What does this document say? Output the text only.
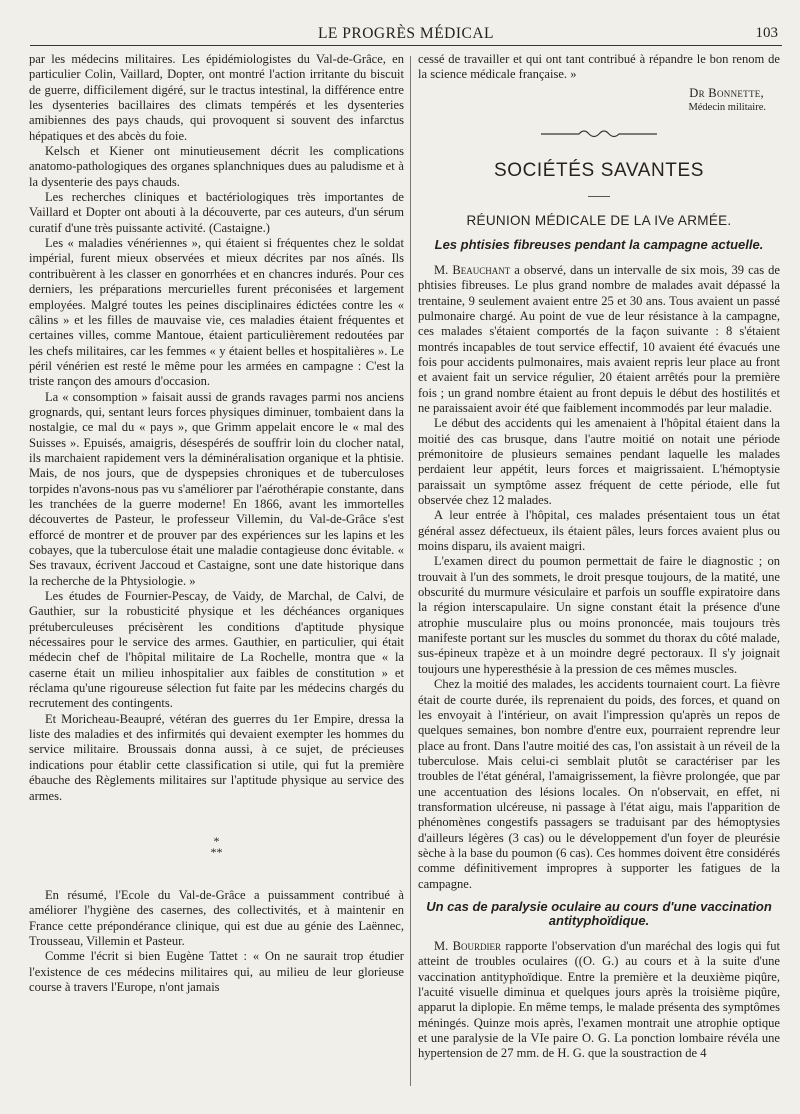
LE PROGRÈS MÉDICAL	103

par les médecins militaires. Les épidémiologistes du Val-de-Grâce, en particulier Colin, Vaillard, Dopter, ont montré l'action irritante du biscuit de guerre, difficilement digéré, sur le tractus intestinal, la différence entre les dysenteries bacillaires des climats tempérés et les dysenteries amibiennes des pays chauds, qui provoquent si souvent des infarctus hépatiques et des abcès du foie.

Kelsch et Kiener ont minutieusement décrit les complications anatomo-pathologiques des organes splanchniques dues au paludisme et à la dysenterie des pays chauds.

Les recherches cliniques et bactériologiques très importantes de Vaillard et Dopter ont abouti à la découverte, par ces auteurs, d'un sérum curatif d'une très puissante activité. (Castaigne.)

Les « maladies vénériennes », qui étaient si fréquentes chez le soldat impérial, furent mieux observées et mieux décrites par nos aînés. Ils contribuèrent à les classer en gonorrhées et en chancres indurés. Pour ces derniers, les préparations mercurielles furent préconisées et largement employées. Malgré toutes les peines disciplinaires édictées contre les « câlins » et les filles de mauvaise vie, ces maladies étaient fréquentes et certaines villes, comme Mantoue, étaient particulièrement redoutées par les chefs militaires, car les femmes « y étaient belles et hospitalières ». Le péril vénérien est resté le même pour les armées en campagne : C'est la triste rançon des amours d'occasion.

La « consomption » faisait aussi de grands ravages parmi nos anciens grognards, qui, sentant leurs forces physiques diminuer, tombaient dans la nostalgie, ce mal du « pays », que Grimm appelait encore le « mal des Suisses ». Epuisés, amaigris, désespérés de souffrir loin du clocher natal, ils marchaient rapidement vers la déminéralisation organique et la phtisie. Mais, de nos jours, que de dyspepsies chroniques et de tuberculoses torpides n'avons-nous pas vu s'améliorer par l'aérothérapie constante, dans les tranchées de la guerre moderne! En 1866, avant les immortelles découvertes de Pasteur, le professeur Villemin, du Val-de-Grâce s'est efforcé de montrer et de prouver par des expériences sur les lapins et les cobayes, que la tuberculose était une maladie contagieuse donc évitable. « Ses travaux, écrivent Jaccoud et Castaigne, sont une date historique dans la recherche de la Phtysiologie. »

Les études de Fournier-Pescay, de Vaidy, de Marchal, de Calvi, de Gauthier, sur la robusticité physique et les déchéances organiques prétuberculeuses précisèrent les conditions d'aptitude physique nécessaires pour le service des armes. Gauthier, en particulier, qui était médecin chef de l'hôpital militaire de La Rochelle, montra que « la caserne était un milieu inhospitalier aux faibles de constitution » et réclama qu'une rigoureuse sélection fut faite par les médecins chargés du recrutement des contingents.

Et Moricheau-Beaupré, vétéran des guerres du 1er Empire, dressa la liste des maladies et des infirmités qui devaient exempter les hommes du service militaire. Broussais donna aussi, à ce sujet, de précieuses indications pour établir cette classification si utile, qui fut la première ébauche des Règlements militaires sur l'aptitude physique au service des armes.

*
**

En résumé, l'Ecole du Val-de-Grâce a puissamment contribué à améliorer l'hygiène des casernes, des collectivités, et à maintenir en France cette prépondérance clinique, qui est due au génie des Laënnec, Trousseau, Villemin et Pasteur.

Comme l'écrit si bien Eugène Tattet : « On ne saurait trop étudier l'existence de ces médecins militaires qui, au milieu de leur glorieuse course à travers l'Europe, n'ont jamais

cessé de travailler et qui ont tant contribué à répandre le bon renom de la science médicale française. »

Dr Bonnette,
Médecin militaire.
SOCIÉTÉS SAVANTES
RÉUNION MÉDICALE DE LA IVe ARMÉE.
Les phtisies fibreuses pendant la campagne actuelle.

M. Beauchant a observé, dans un intervalle de six mois, 39 cas de phtisies fibreuses. Le plus grand nombre de malades avait dépassé la trentaine, 9 seulement avaient entre 25 et 30 ans. Tous avaient un passé pulmonaire chargé. Au point de vue de leur résistance à la campagne, ces malades s'étaient comportés de la façon suivante : 8 s'étaient montrés incapables de tout service effectif, 10 avaient été évacués une fois pour accidents pulmonaires, mais avaient repris leur place au front et avaient fait un service régulier, 20 étaient arrêtés pour la première fois ; un grand nombre étaient au front depuis le début des hostilités et ne paraissaient avoir été que faiblement incommodés par leur maladie.

Le début des accidents qui les amenaient à l'hôpital étaient dans la moitié des cas brusque, dans l'autre moitié on notait une période prémonitoire de plusieurs semaines pendant laquelle les malades perdaient leur appétit, leurs forces et maigrissaient. L'hémoptysie paraissait un symptôme assez fréquent de cette période, elle fut observée chez 12 malades.

A leur entrée à l'hôpital, ces malades présentaient tous un état général assez défectueux, ils étaient pâles, leurs forces avaient plus ou moins disparu, ils avaient maigri.

L'examen direct du poumon permettait de faire le diagnostic ; on trouvait à l'un des sommets, le droit presque toujours, de la matité, une obscurité du murmure vésiculaire et parfois un souffle expiratoire dans la région interscapulaire. Un signe constant était la présence d'une atrophie musculaire plus ou moins prononcée, mais toujours très manifeste portant sur les muscles du sommet du thorax du côté malade, sus-épineux trapèze et à un moindre degré pectoraux. Il s'y joignait toujours une hyperesthésie à la pression de ces mêmes muscles.

Chez la moitié des malades, les accidents tournaient court. La fièvre était de courte durée, ils reprenaient du poids, des forces, et quand on les envoyait à l'intérieur, on avait l'impression qu'après un repos de quelques semaines, bon nombre d'entre eux, pourraient reprendre leur place au front. Dans l'autre moitié des cas, l'on assistait à un réveil de la tuberculose. Mais celui-ci semblait plutôt se caractériser par les troubles de l'état général, l'amaigrissement, la fièvre prolongée, que par une accentuation des lésions locales. On n'observait, en effet, ni transformation ulcéreuse, ni passage à l'état aigu, mais l'apparition de phénomènes congestifs passagers se traduisant par des hémoptysies d'ailleurs légères (3 cas) ou le développement d'un foyer de pleurésie sèche à la base du poumon (6 cas). Ces hommes doivent être considérés comme définitivement impropres à supporter les fatigues de la campagne.

Un cas de paralysie oculaire au cours d'une vaccination antityphoïdique.

M. Bourdier rapporte l'observation d'un maréchal des logis qui fut atteint de troubles oculaires ((O. G.) au cours et à la suite d'une vaccination antityphoïdique. Entre la première et la deuxième piqûre, l'acuité visuelle diminua et quelques jours après la troisième piqûre, apparut la diplopie. En même temps, le malade présenta des symptômes méningés. Quinze mois après, l'examen montrait une atrophie optique et une paralysie de la VIe paire O. G. La ponction lombaire révéla une hypertension de 27 mm. de H. G. que la soustraction de 4
